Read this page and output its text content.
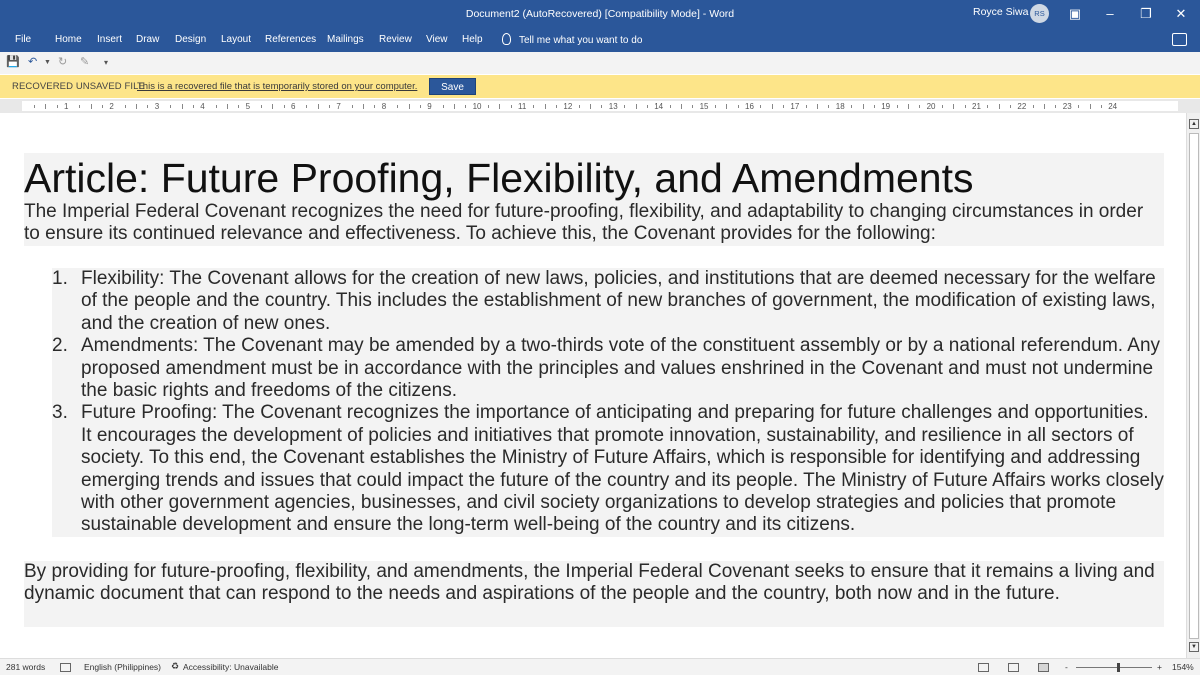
Document2 (AutoRecovered) [Compatibility Mode] - Word	Royce Siwa RS	▣	–	❐ ✕
File Home Insert Draw Design Layout References Mailings Review View Help	Tell me what you want to do
💾 ↶ ▼ ↻ ✎ ▾
RECOVERED UNSAVED FILE
This is a recovered file that is temporarily stored on your computer.	Save
1	2	3	4	5	6	7	8	9	10	11	12	13	14	15	16	17	18	19	20	21	22	23	24
Article: Future Proofing, Flexibility, and Amendments
The Imperial Federal Covenant recognizes the need for future-proofing, flexibility, and adaptability to changing circumstances in order to ensure its continued relevance and effectiveness. To achieve this, the Covenant provides for the following:
1. Flexibility: The Covenant allows for the creation of new laws, policies, and institutions that are deemed necessary for the welfare of the people and the country. This includes the establishment of new branches of government, the modification of existing laws, and the creation of new ones.
2. Amendments: The Covenant may be amended by a two-thirds vote of the constituent assembly or by a national referendum. Any proposed amendment must be in accordance with the principles and values enshrined in the Covenant and must not undermine the basic rights and freedoms of the citizens.
3. Future Proofing: The Covenant recognizes the importance of anticipating and preparing for future challenges and opportunities. It encourages the development of policies and initiatives that promote innovation, sustainability, and resilience in all sectors of society. To this end, the Covenant establishes the Ministry of Future Affairs, which is responsible for identifying and addressing emerging trends and issues that could impact the future of the country and its people. The Ministry of Future Affairs works closely with other government agencies, businesses, and civil society organizations to develop strategies and policies that promote sustainable development and ensure the long-term well-being of the country and its citizens.
By providing for future-proofing, flexibility, and amendments, the Imperial Federal Covenant seeks to ensure that it remains a living and dynamic document that can respond to the needs and aspirations of the people and the country, both now and in the future.
▲
▼
281 words	English (Philippines) ♻ Accessibility: Unavailable	-	+ 154%
